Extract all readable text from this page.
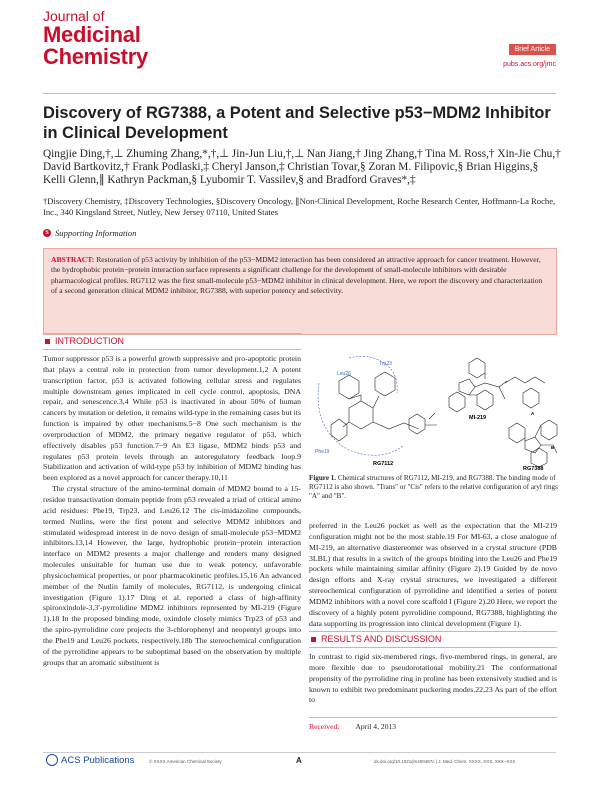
Journal of
Medicinal
Chemistry	Brief Article
pubs.acs.org/jmc
Discovery of RG7388, a Potent and Selective p53−MDM2 Inhibitor in Clinical Development
Qingjie Ding,†,⊥ Zhuming Zhang,*,†,⊥ Jin-Jun Liu,†,⊥ Nan Jiang,† Jing Zhang,† Tina M. Ross,† Xin-Jie Chu,† David Bartkovitz,† Frank Podlaski,‡ Cheryl Janson,‡ Christian Tovar,§ Zoran M. Filipovic,§ Brian Higgins,§ Kelli Glenn,∥ Kathryn Packman,§ Lyubomir T. Vassilev,§ and Bradford Graves*,‡
†Discovery Chemistry, ‡Discovery Technologies, §Discovery Oncology, ∥Non-Clinical Development, Roche Research Center, Hoffmann-La Roche, Inc., 340 Kingsland Street, Nutley, New Jersey 07110, United States
S Supporting Information
ABSTRACT: Restoration of p53 activity by inhibition of the p53−MDM2 interaction has been considered an attractive approach for cancer treatment. However, the hydrophobic protein−protein interaction surface represents a significant challenge for the development of small-molecule inhibitors with desirable pharmacological profiles. RG7112 was the first small-molecule p53−MDM2 inhibitor in clinical development. Here, we report the discovery and characterization of a second generation clinical MDM2 inhibitor, RG7388, with superior potency and selectivity.
INTRODUCTION

Tumor suppressor p53 is a powerful growth suppressive and pro-apoptotic protein that plays a central role in protection from tumor development.1,2 A potent transcription factor, p53 is activated following cellular stress and regulates multiple downstream genes implicated in cell cycle control, apoptosis, DNA repair, and senescence.3,4 While p53 is inactivated in about 50% of human cancers by mutation or deletion, it remains wild-type in the remaining cases but its function is impaired by other mechanisms.5−8 One such mechanism is the overproduction of MDM2, the primary negative regulator of p53, which effectively disables p53 function.7−9 An E3 ligase, MDM2 binds p53 and regulates p53 protein levels through an autoregulatory feedback loop.9 Stabilization and activation of wild-type p53 by inhibition of MDM2 binding has been explored as a novel approach for cancer therapy.10,11

The crystal structure of the amino-terminal domain of MDM2 bound to a 15-residue transactivation domain peptide from p53 revealed a triad of critical amino acid residues: Phe19, Trp23, and Leu26.12 The cis-imidazoline compounds, termed Nutlins, were the first potent and selective MDM2 inhibitors and stimulated widespread interest in de novo design of small-molecule p53−MDM2 inhibitors.13,14 However, the large, hydrophobic protein−protein interaction interface on MDM2 presents a major challenge and renders many designed molecules unsuitable for human use due to weak potency, unfavorable physicochemical properties, or poor pharmacokinetic profiles.15,16 An advanced member of the Nutlin family of molecules, RG7112, is undergoing clinical investigation (Figure 1).17 Ding et al. reported a class of high-affinity spirooxindole-3,3′-pyrrolidine MDM2 inhibitors represented by MI-219 (Figure 1).18 In the proposed binding mode, oxindole closely mimics Trp23 of p53 and the spiro-pyrrolidine core projects the 3-chlorophenyl and neopentyl groups into the Phe19 and Leu26 pockets, respectively.18b The stereochemical configuration of the pyrrolidine appears to be suboptimal based on the observation by multiple groups that an aromatic substituent is

Leu26
Trp23
Phe19
RG7112
MI-219
A
B
RG7388
Figure 1. Chemical structures of RG7112, MI-219, and RG7388. The binding mode of RG7112 is also shown. "Trans" or "Cis" refers to the relative configuration of aryl rings "A" and "B".
preferred in the Leu26 pocket as well as the expectation that the MI-219 configuration might not be the most stable.19 For MI-63, a close analogue of MI-219, an alternative diastereomer was observed in a crystal structure (PDB 3LBL) that results in a switch of the groups binding into the Leu26 and Phe19 pockets while maintaining similar affinity (Figure 2).19 Guided by de novo design efforts and X-ray crystal structures, we investigated a different stereochemical configuration of pyrrolidine and identified a series of potent MDM2 inhibitors with a novel core scaffold I (Figure 2).20 Here, we report the discovery of a highly potent pyrrolidine compound, RG7388, highlighting the data supporting its progression into clinical development (Figure 1).
RESULTS AND DISCUSSION
In contrast to rigid six-membered rings, five-membered rings, in general, are more flexible due to pseudorotational mobility.21 The conformational propensity of the pyrrolidine ring in proline has been extensively studied and is known to exhibit two predominant puckering modes.22,23 As part of the effort to
Received: April 4, 2013
ACS Publications	© XXXX American Chemical Society	A	dx.doi.org/10.1021/jm400487c | J. Med. Chem. XXXX, XXX, XXX−XXX
